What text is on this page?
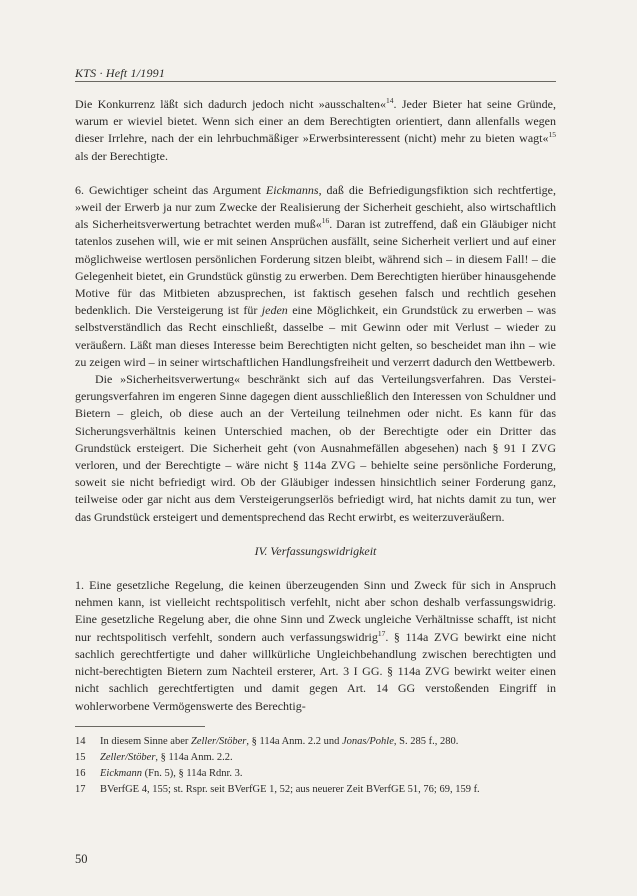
KTS · Heft 1/1991

Die Konkurrenz läßt sich dadurch jedoch nicht »ausschalten«$^{14}$. Jeder Bieter hat seine Gründe, warum er wieviel bietet. Wenn sich einer an dem Berechtigten orientiert, dann allenfalls wegen dieser Irrlehre, nach der ein lehrbuchmäßiger »Erwerbsinteressent (nicht) mehr zu bieten wagt«$^{15}$ als der Berechtigte.

6. Gewichtiger scheint das Argument Eickmanns, daß die Befriedigungsfiktion sich rechtfertige, »weil der Erwerb ja nur zum Zwecke der Realisierung der Sicherheit geschieht, also wirtschaftlich als Sicherheitsverwertung betrachtet werden muß«$^{16}$. Daran ist zutreffend, daß ein Gläubiger nicht tatenlos zusehen will, wie er mit seinen Ansprüchen ausfällt, seine Sicherheit verliert und auf einer möglichweise wertlosen persönlichen Forderung sitzen bleibt, während sich – in diesem Fall! – die Gelegenheit bietet, ein Grundstück günstig zu erwerben. Dem Berechtigten hierüber hinausgehende Motive für das Mitbieten abzusprechen, ist faktisch gesehen falsch und rechtlich gesehen bedenklich. Die Versteigerung ist für jeden eine Möglichkeit, ein Grundstück zu erwerben – was selbstverständlich das Recht einschließt, dasselbe – mit Gewinn oder mit Verlust – wieder zu veräußern. Läßt man dieses Interesse beim Berechtigten nicht gelten, so bescheidet man ihn – wie zu zeigen wird – in seiner wirtschaftlichen Handlungsfreiheit und verzerrt dadurch den Wettbewerb.

Die »Sicherheitsverwertung« beschränkt sich auf das Verteilungsverfahren. Das Versteigerungsverfahren im engeren Sinne dagegen dient ausschließlich den Interessen von Schuldner und Bietern – gleich, ob diese auch an der Verteilung teilnehmen oder nicht. Es kann für das Sicherungsverhältnis keinen Unterschied machen, ob der Berechtigte oder ein Dritter das Grundstück ersteigert. Die Sicherheit geht (von Ausnahmefällen abgesehen) nach § 91 I ZVG verloren, und der Berechtigte – wäre nicht § 114a ZVG – behielte seine persönliche Forderung, soweit sie nicht befriedigt wird. Ob der Gläubiger indessen hinsichtlich seiner Forderung ganz, teilweise oder gar nicht aus dem Versteigerungserlös befriedigt wird, hat nichts damit zu tun, wer das Grundstück ersteigert und dementsprechend das Recht erwirbt, es weiterzuveräußern.

IV. Verfassungswidrigkeit

1. Eine gesetzliche Regelung, die keinen überzeugenden Sinn und Zweck für sich in Anspruch nehmen kann, ist vielleicht rechtspolitisch verfehlt, nicht aber schon deshalb verfassungswidrig. Eine gesetzliche Regelung aber, die ohne Sinn und Zweck ungleiche Verhältnisse schafft, ist nicht nur rechtspolitisch verfehlt, sondern auch verfassungswidrig$^{17}$. § 114a ZVG bewirkt eine nicht sachlich gerechtfertigte und daher willkürliche Ungleichbehandlung zwischen berechtigten und nicht-berechtigten Bietern zum Nachteil ersterer, Art. 3 I GG. § 114a ZVG bewirkt weiter einen nicht sachlich gerechtfertigten und damit gegen Art. 14 GG verstoßenden Eingriff in wohlerworbene Vermögenswerte des Berechtig-

14	In diesem Sinne aber Zeller/Stöber, § 114a Anm. 2.2 und Jonas/Pohle, S. 285 f., 280.
15	Zeller/Stöber, § 114a Anm. 2.2.
16	Eickmann (Fn. 5), § 114a Rdnr. 3.
17	BVerfGE 4, 155; st. Rspr. seit BVerfGE 1, 52; aus neuerer Zeit BVerfGE 51, 76; 69, 159 f.
50
